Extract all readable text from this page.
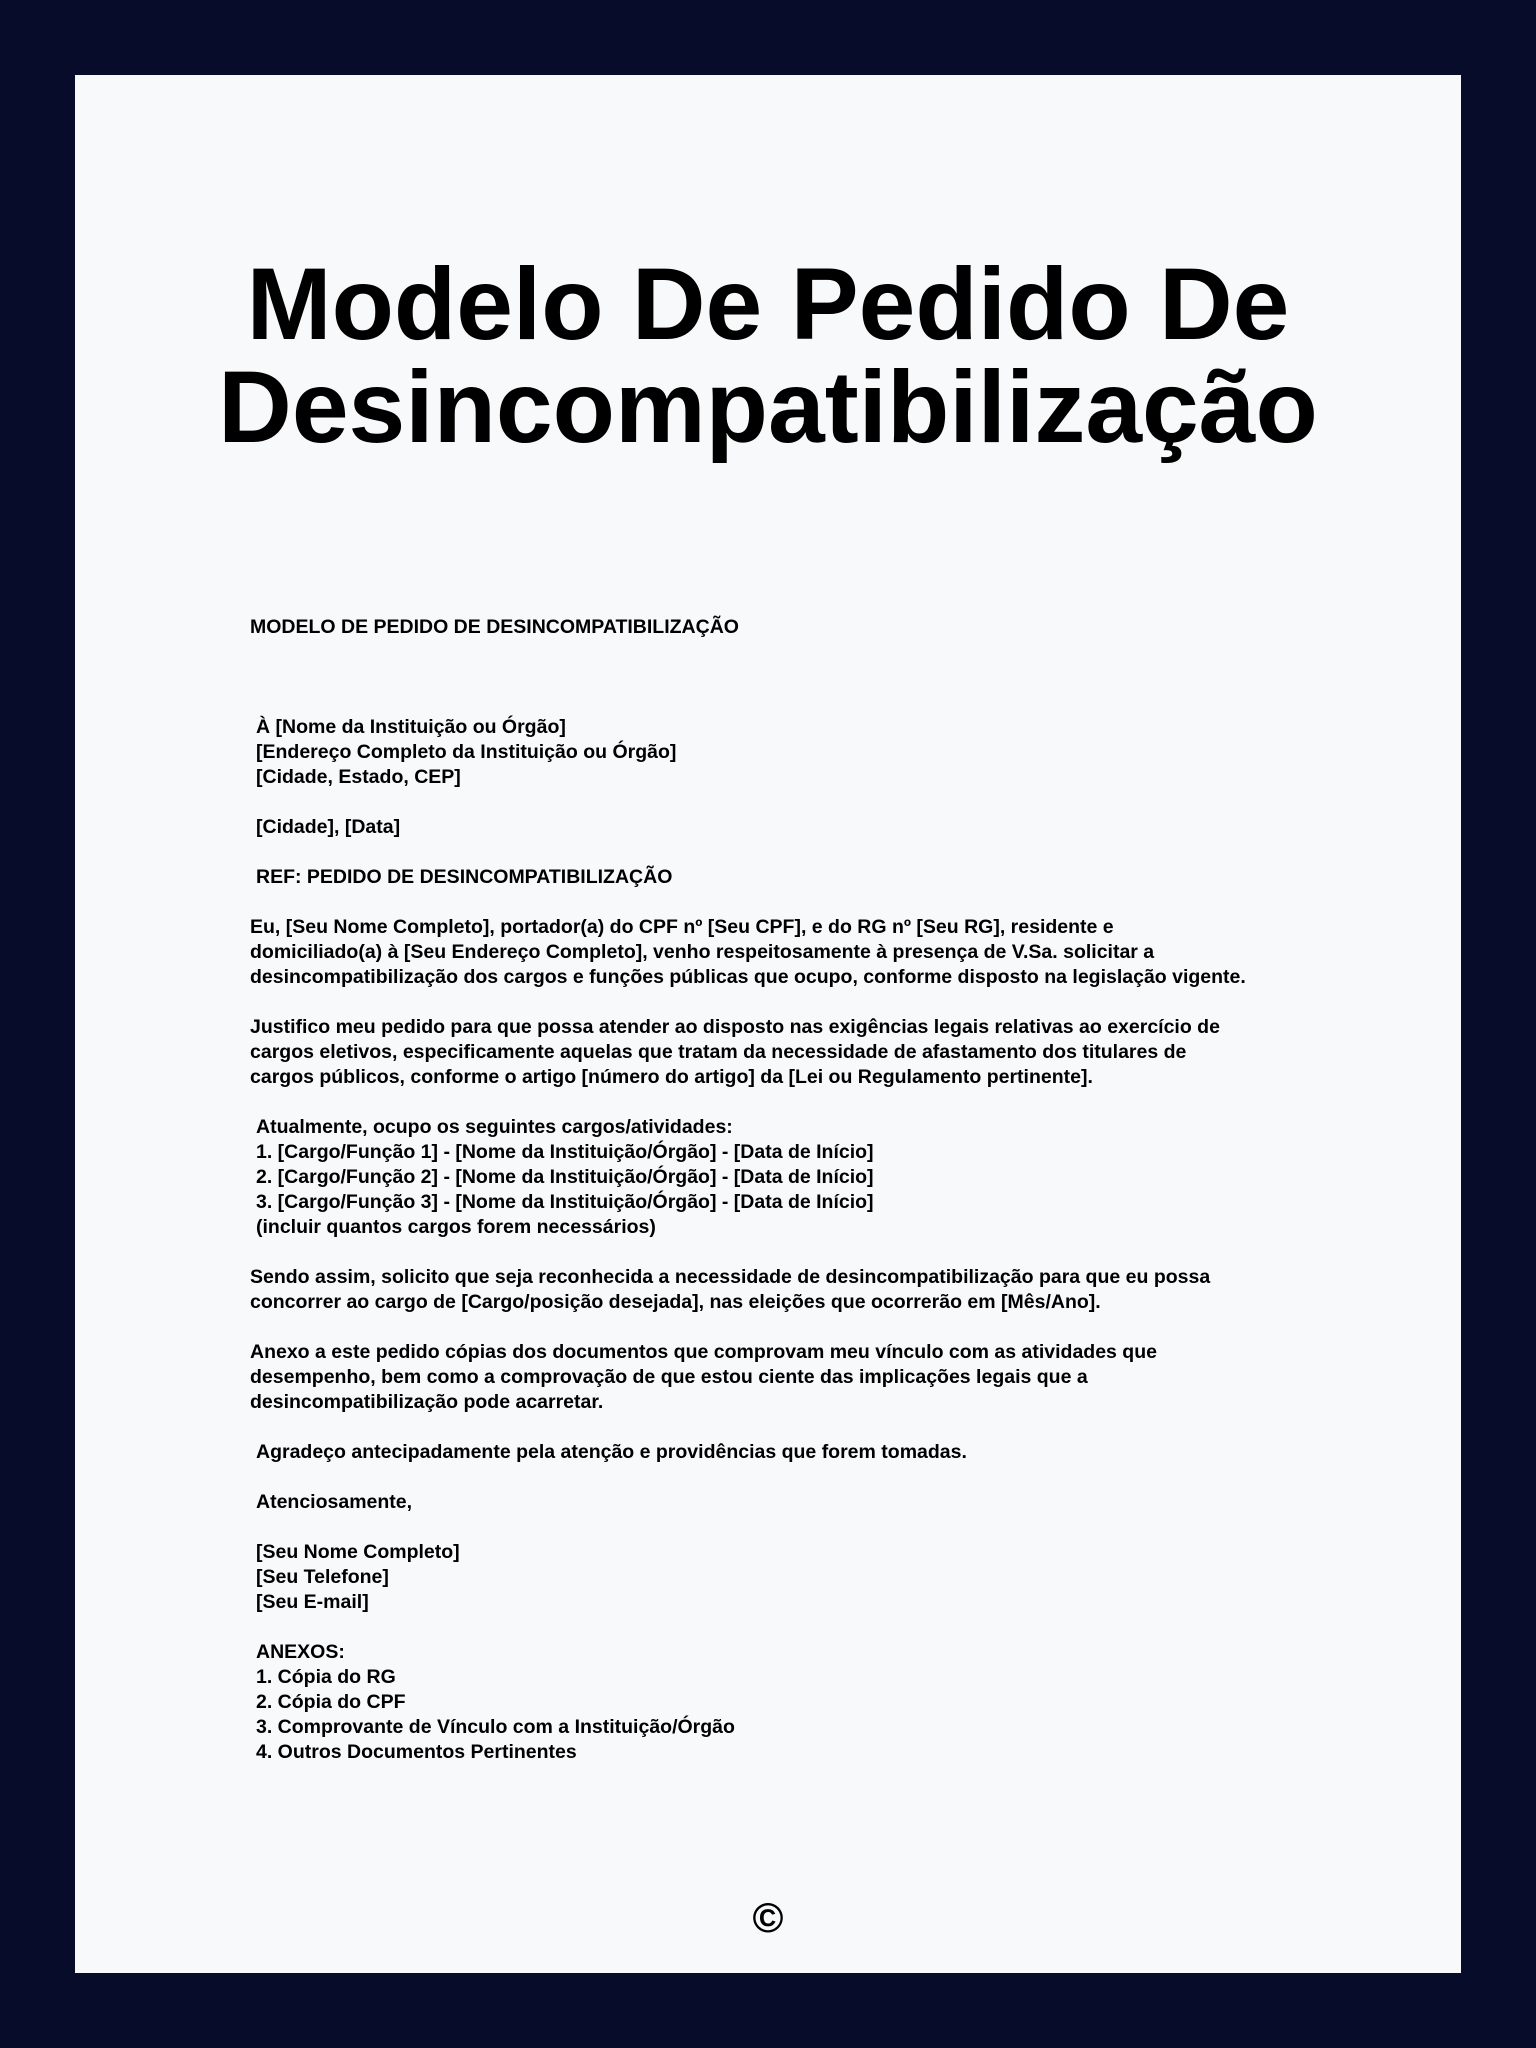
Modelo De Pedido De
Desincompatibilização
MODELO DE PEDIDO DE DESINCOMPATIBILIZAÇÃO
À [Nome da Instituição ou Órgão]
[Endereço Completo da Instituição ou Órgão]
[Cidade, Estado, CEP]
[Cidade], [Data]
REF: PEDIDO DE DESINCOMPATIBILIZAÇÃO
Eu, [Seu Nome Completo], portador(a) do CPF nº [Seu CPF], e do RG nº [Seu RG], residente e
domiciliado(a) à [Seu Endereço Completo], venho respeitosamente à presença de V.Sa. solicitar a
desincompatibilização dos cargos e funções públicas que ocupo, conforme disposto na legislação vigente.
Justifico meu pedido para que possa atender ao disposto nas exigências legais relativas ao exercício de
cargos eletivos, especificamente aquelas que tratam da necessidade de afastamento dos titulares de
cargos públicos, conforme o artigo [número do artigo] da [Lei ou Regulamento pertinente].
Atualmente, ocupo os seguintes cargos/atividades:
1. [Cargo/Função 1] - [Nome da Instituição/Órgão] - [Data de Início]
2. [Cargo/Função 2] - [Nome da Instituição/Órgão] - [Data de Início]
3. [Cargo/Função 3] - [Nome da Instituição/Órgão] - [Data de Início]
(incluir quantos cargos forem necessários)
Sendo assim, solicito que seja reconhecida a necessidade de desincompatibilização para que eu possa
concorrer ao cargo de [Cargo/posição desejada], nas eleições que ocorrerão em [Mês/Ano].
Anexo a este pedido cópias dos documentos que comprovam meu vínculo com as atividades que
desempenho, bem como a comprovação de que estou ciente das implicações legais que a
desincompatibilização pode acarretar.
Agradeço antecipadamente pela atenção e providências que forem tomadas.
Atenciosamente,
[Seu Nome Completo]
[Seu Telefone]
[Seu E-mail]
ANEXOS:
1. Cópia do RG
2. Cópia do CPF
3. Comprovante de Vínculo com a Instituição/Órgão
4. Outros Documentos Pertinentes
©
